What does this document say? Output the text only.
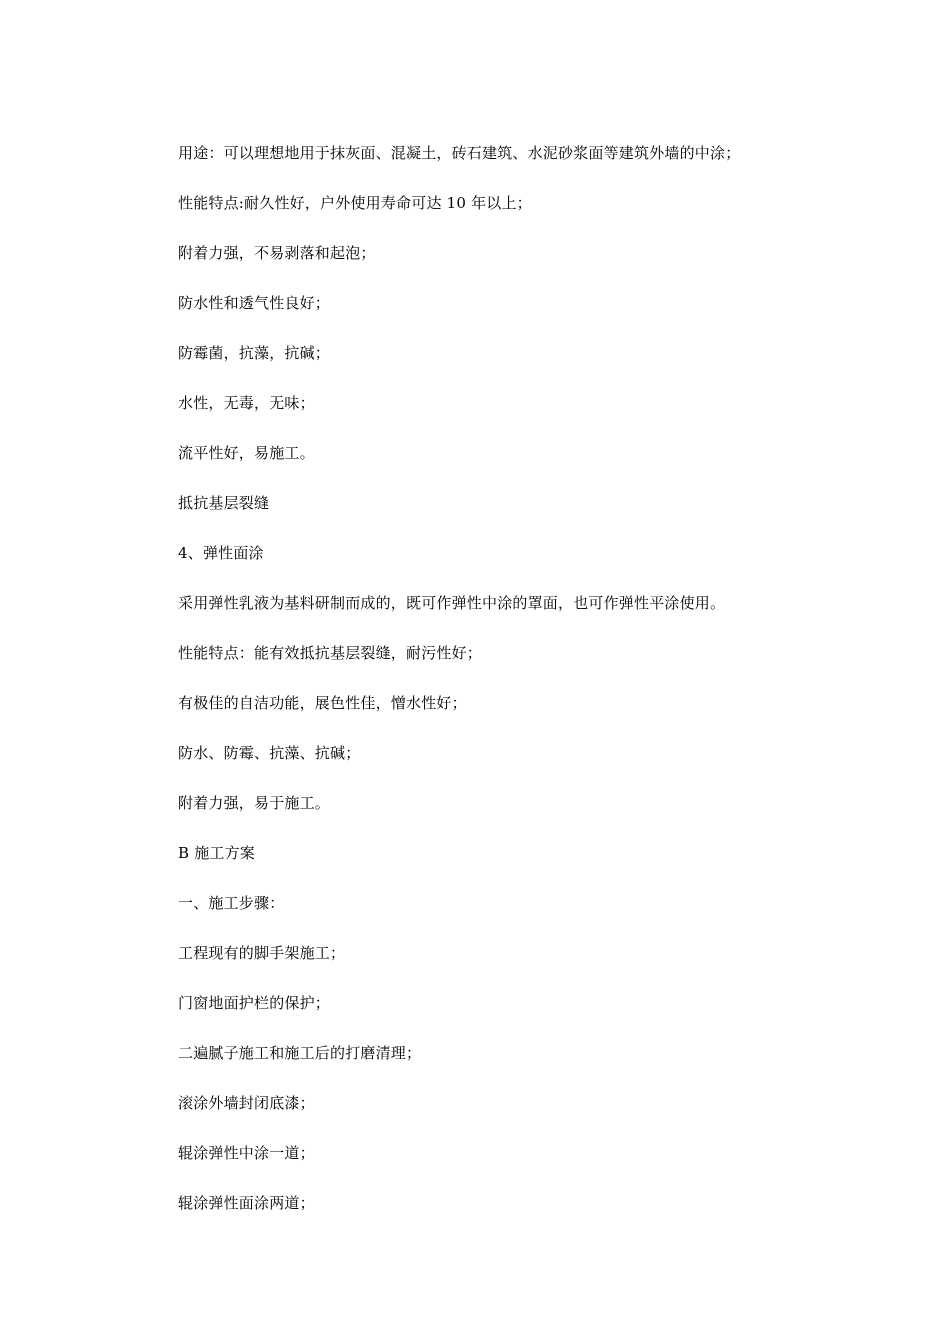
用途：可以理想地用于抹灰面、混凝土，砖石建筑、水泥砂浆面等建筑外墙的中涂；
性能特点:耐久性好，户外使用寿命可达 10 年以上；
附着力强，不易剥落和起泡；
防水性和透气性良好；
防霉菌，抗藻，抗碱；
水性，无毒，无味；
流平性好，易施工。
抵抗基层裂缝
4、弹性面涂
采用弹性乳液为基料研制而成的，既可作弹性中涂的罩面，也可作弹性平涂使用。
性能特点：能有效抵抗基层裂缝，耐污性好；
有极佳的自洁功能，展色性佳，憎水性好；
防水、防霉、抗藻、抗碱；
附着力强，易于施工。
B 施工方案
一、施工步骤：
工程现有的脚手架施工；
门窗地面护栏的保护；
二遍腻子施工和施工后的打磨清理；
滚涂外墙封闭底漆；
辊涂弹性中涂一道；
辊涂弹性面涂两道；
